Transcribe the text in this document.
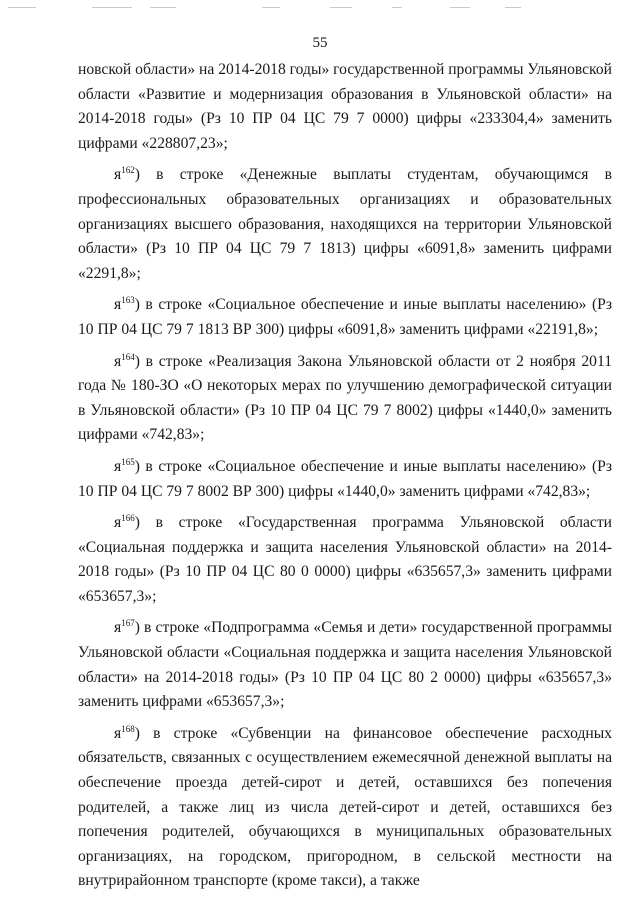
55

новской области» на 2014-2018 годы» государственной программы Ульяновской области «Развитие и модернизация образования в Ульяновской области» на 2014-2018 годы» (Рз 10 ПР 04 ЦС 79 7 0000) цифры «233304,4» заменить цифрами «228807,23»;

$я^{162}$) в строке «Денежные выплаты студентам, обучающимся в профессиональных образовательных организациях и образовательных организациях высшего образования, находящихся на территории Ульяновской области» (Рз 10 ПР 04 ЦС 79 7 1813) цифры «6091,8» заменить цифрами «2291,8»;

$я^{163}$) в строке «Социальное обеспечение и иные выплаты населению» (Рз 10 ПР 04 ЦС 79 7 1813 ВР 300) цифры «6091,8» заменить цифрами «22191,8»;

$я^{164}$) в строке «Реализация Закона Ульяновской области от 2 ноября 2011 года № 180-ЗО «О некоторых мерах по улучшению демографической ситуации в Ульяновской области» (Рз 10 ПР 04 ЦС 79 7 8002) цифры «1440,0» заменить цифрами «742,83»;

$я^{165}$) в строке «Социальное обеспечение и иные выплаты населению» (Рз 10 ПР 04 ЦС 79 7 8002 ВР 300) цифры «1440,0» заменить цифрами «742,83»;

$я^{166}$) в строке «Государственная программа Ульяновской области «Социальная поддержка и защита населения Ульяновской области» на 2014-2018 годы» (Рз 10 ПР 04 ЦС 80 0 0000) цифры «635657,3» заменить цифрами «653657,3»;

$я^{167}$) в строке «Подпрограмма «Семья и дети» государственной программы Ульяновской области «Социальная поддержка и защита населения Ульяновской области» на 2014-2018 годы» (Рз 10 ПР 04 ЦС 80 2 0000) цифры «635657,3» заменить цифрами «653657,3»;

$я^{168}$) в строке «Субвенции на финансовое обеспечение расходных обязательств, связанных с осуществлением ежемесячной денежной выплаты на обеспечение проезда детей-сирот и детей, оставшихся без попечения родителей, а также лиц из числа детей-сирот и детей, оставшихся без попечения родителей, обучающихся в муниципальных образовательных организациях, на городском, пригородном, в сельской местности на внутрирайонном транспорте (кроме такси), а также
